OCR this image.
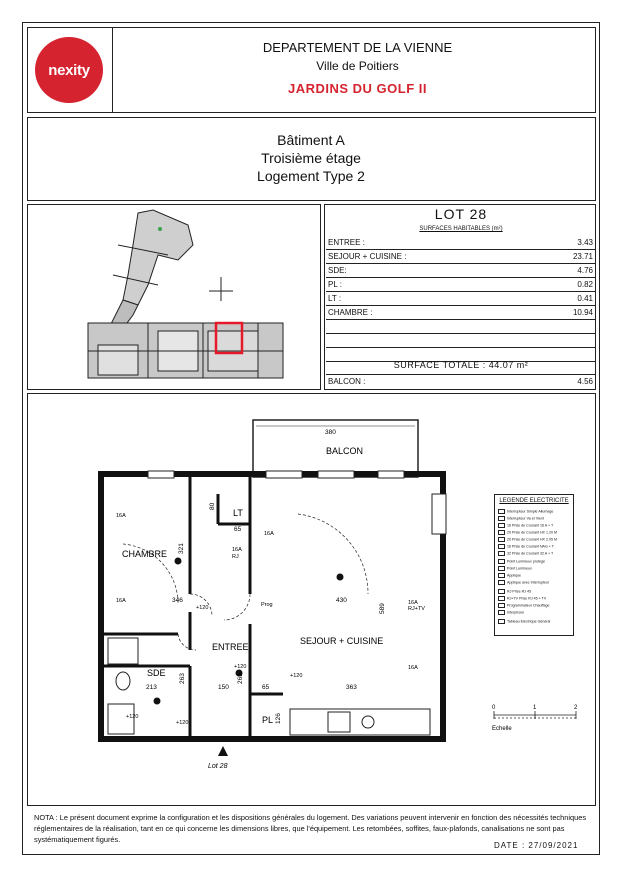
nexity
DEPARTEMENT DE LA VIENNE
Ville de Poitiers
JARDINS DU GOLF II
Bâtiment A
Troisième étage
Logement Type 2
LOT 28
SURFACES HABITABLES (m²)
ENTREE :	3.43
SEJOUR + CUISINE :	23.71
SDE:	4.76
PL :	0.82
LT :	0.41
CHAMBRE :	10.94
SURFACE TOTALE : 44.07 m²
BALCON :	4.56
BALCON
CHAMBRE
ENTREE
SEJOUR + CUISINE
SDE
LT
PL
380
346
321
430
589
213
263
150
263
65
80
65
126
363
16A
16A
16A
16A
RJ
+120	Prog	16A
RJ+TV
16A
+120
+120
+120
+120
Lot 28
0	1	2
Echelle
LEGENDE ELECTRICITE
Interrupteur Simple Allumage
Interrupteur Va et Vient
16 Prise de Courant 16 A + T
20 Prise de Courant HX 1.20 M
20 Prise de Courant HX 2.05 M
16 Prise de Courant NAG + T
32 Prise de Courant 32 A + T
Point Lumineux protégé
Point Lumineux
Applique
Applique avec Interrupteur
RJ Prise RJ 45
RJ+TV Prise RJ 45 + TV
Programmateur Chauffage
Interphone
Tableau Electrique Général
NOTA : Le présent document exprime la configuration et les dispositions générales du logement. Des variations peuvent intervenir en fonction des nécessités techniques réglementaires de la réalisation, tant en ce qui concerne les dimensions libres, que l'équipement. Les retombées, soffites, faux-plafonds, canalisations ne sont pas systématiquement figurés.
DATE : 27/09/2021
